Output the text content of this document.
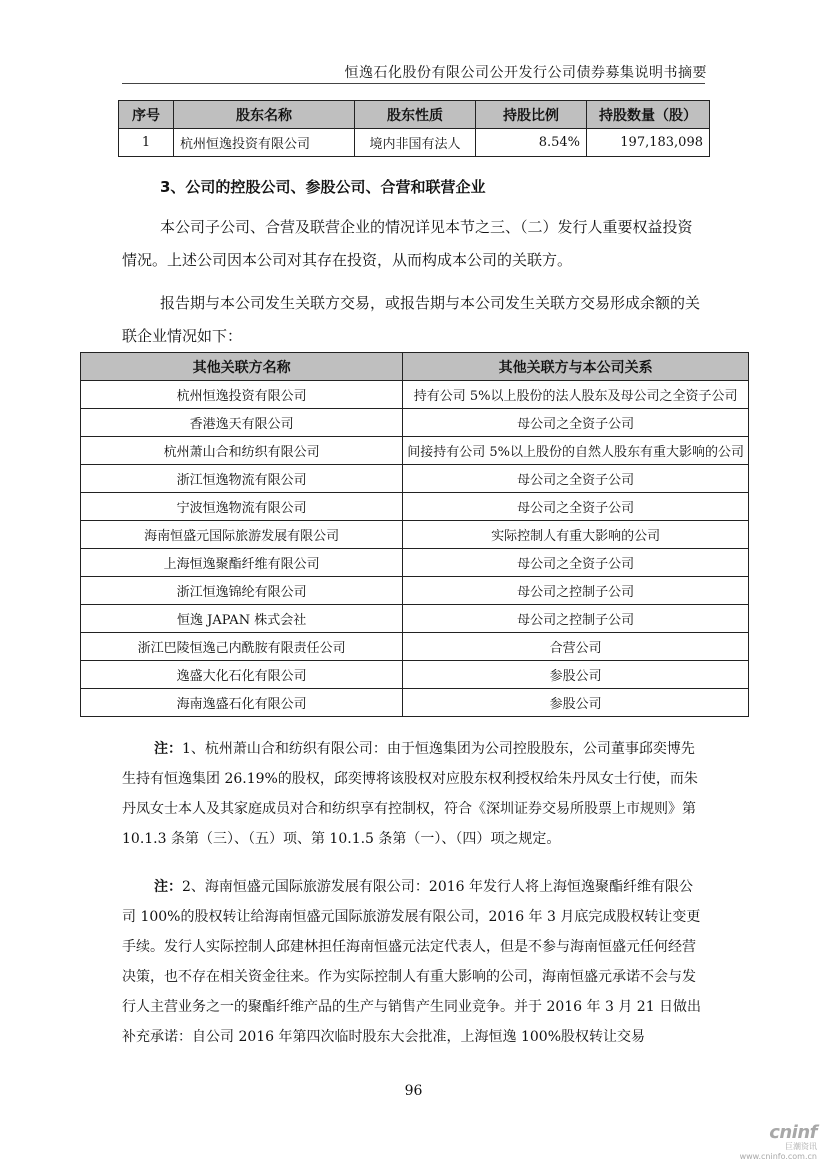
恒逸石化股份有限公司公开发行公司债券募集说明书摘要
序号	股东名称	股东性质	持股比例	持股数量（股）
1	杭州恒逸投资有限公司	境内非国有法人	8.54%	197,183,098
3、公司的控股公司、参股公司、合营和联营企业

本公司子公司、合营及联营企业的情况详见本节之三、（二）发行人重要权益投资情况。上述公司因本公司对其存在投资，从而构成本公司的关联方。

报告期与本公司发生关联方交易，或报告期与本公司发生关联方交易形成余额的关联企业情况如下：

其他关联方名称	其他关联方与本公司关系
杭州恒逸投资有限公司	持有公司 5%以上股份的法人股东及母公司之全资子公司
香港逸天有限公司	母公司之全资子公司
杭州萧山合和纺织有限公司	间接持有公司 5%以上股份的自然人股东有重大影响的公司
浙江恒逸物流有限公司	母公司之全资子公司
宁波恒逸物流有限公司	母公司之全资子公司
海南恒盛元国际旅游发展有限公司	实际控制人有重大影响的公司
上海恒逸聚酯纤维有限公司	母公司之全资子公司
浙江恒逸锦纶有限公司	母公司之控制子公司
恒逸 JAPAN 株式会社	母公司之控制子公司
浙江巴陵恒逸己内酰胺有限责任公司	合营公司
逸盛大化石化有限公司	参股公司
海南逸盛石化有限公司	参股公司

注：1、杭州萧山合和纺织有限公司：由于恒逸集团为公司控股股东，公司董事邱奕博先生持有恒逸集团 26.19%的股权，邱奕博将该股权对应股东权利授权给朱丹凤女士行使，而朱丹凤女士本人及其家庭成员对合和纺织享有控制权，符合《深圳证券交易所股票上市规则》第 10.1.3 条第（三）、（五）项、第 10.1.5 条第（一）、（四）项之规定。

注：2、海南恒盛元国际旅游发展有限公司：2016 年发行人将上海恒逸聚酯纤维有限公司 100%的股权转让给海南恒盛元国际旅游发展有限公司，2016 年 3 月底完成股权转让变更手续。发行人实际控制人邱建林担任海南恒盛元法定代表人，但是不参与海南恒盛元任何经营决策，也不存在相关资金往来。作为实际控制人有重大影响的公司，海南恒盛元承诺不会与发行人主营业务之一的聚酯纤维产品的生产与销售产生同业竞争。并于 2016 年 3 月 21 日做出补充承诺：自公司 2016 年第四次临时股东大会批准，上海恒逸 100%股权转让交易

96
cninf
巨潮资讯
www.cninfo.com.cn
